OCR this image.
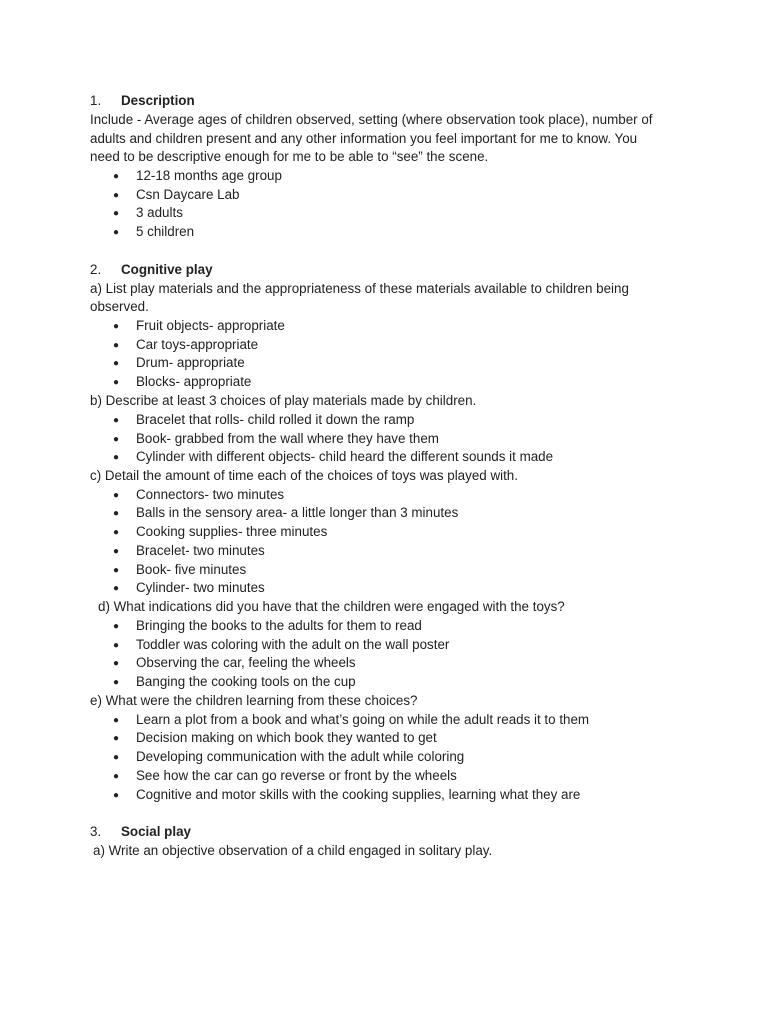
1. Description
Include - Average ages of children observed, setting (where observation took place), number of
adults and children present and any other information you feel important for me to know. You
need to be descriptive enough for me to be able to “see” the scene.
● 12-18 months age group
● Csn Daycare Lab
● 3 adults
● 5 children
2. Cognitive play
a) List play materials and the appropriateness of these materials available to children being
observed.
● Fruit objects- appropriate
● Car toys-appropriate
● Drum- appropriate
● Blocks- appropriate
b) Describe at least 3 choices of play materials made by children.
● Bracelet that rolls- child rolled it down the ramp
● Book- grabbed from the wall where they have them
● Cylinder with different objects- child heard the different sounds it made
c) Detail the amount of time each of the choices of toys was played with.
● Connectors- two minutes
● Balls in the sensory area- a little longer than 3 minutes
● Cooking supplies- three minutes
● Bracelet- two minutes
● Book- five minutes
● Cylinder- two minutes
d) What indications did you have that the children were engaged with the toys?
● Bringing the books to the adults for them to read
● Toddler was coloring with the adult on the wall poster
● Observing the car, feeling the wheels
● Banging the cooking tools on the cup
e) What were the children learning from these choices?
● Learn a plot from a book and what’s going on while the adult reads it to them
● Decision making on which book they wanted to get
● Developing communication with the adult while coloring
● See how the car can go reverse or front by the wheels
● Cognitive and motor skills with the cooking supplies, learning what they are
3. Social play
a) Write an objective observation of a child engaged in solitary play.
